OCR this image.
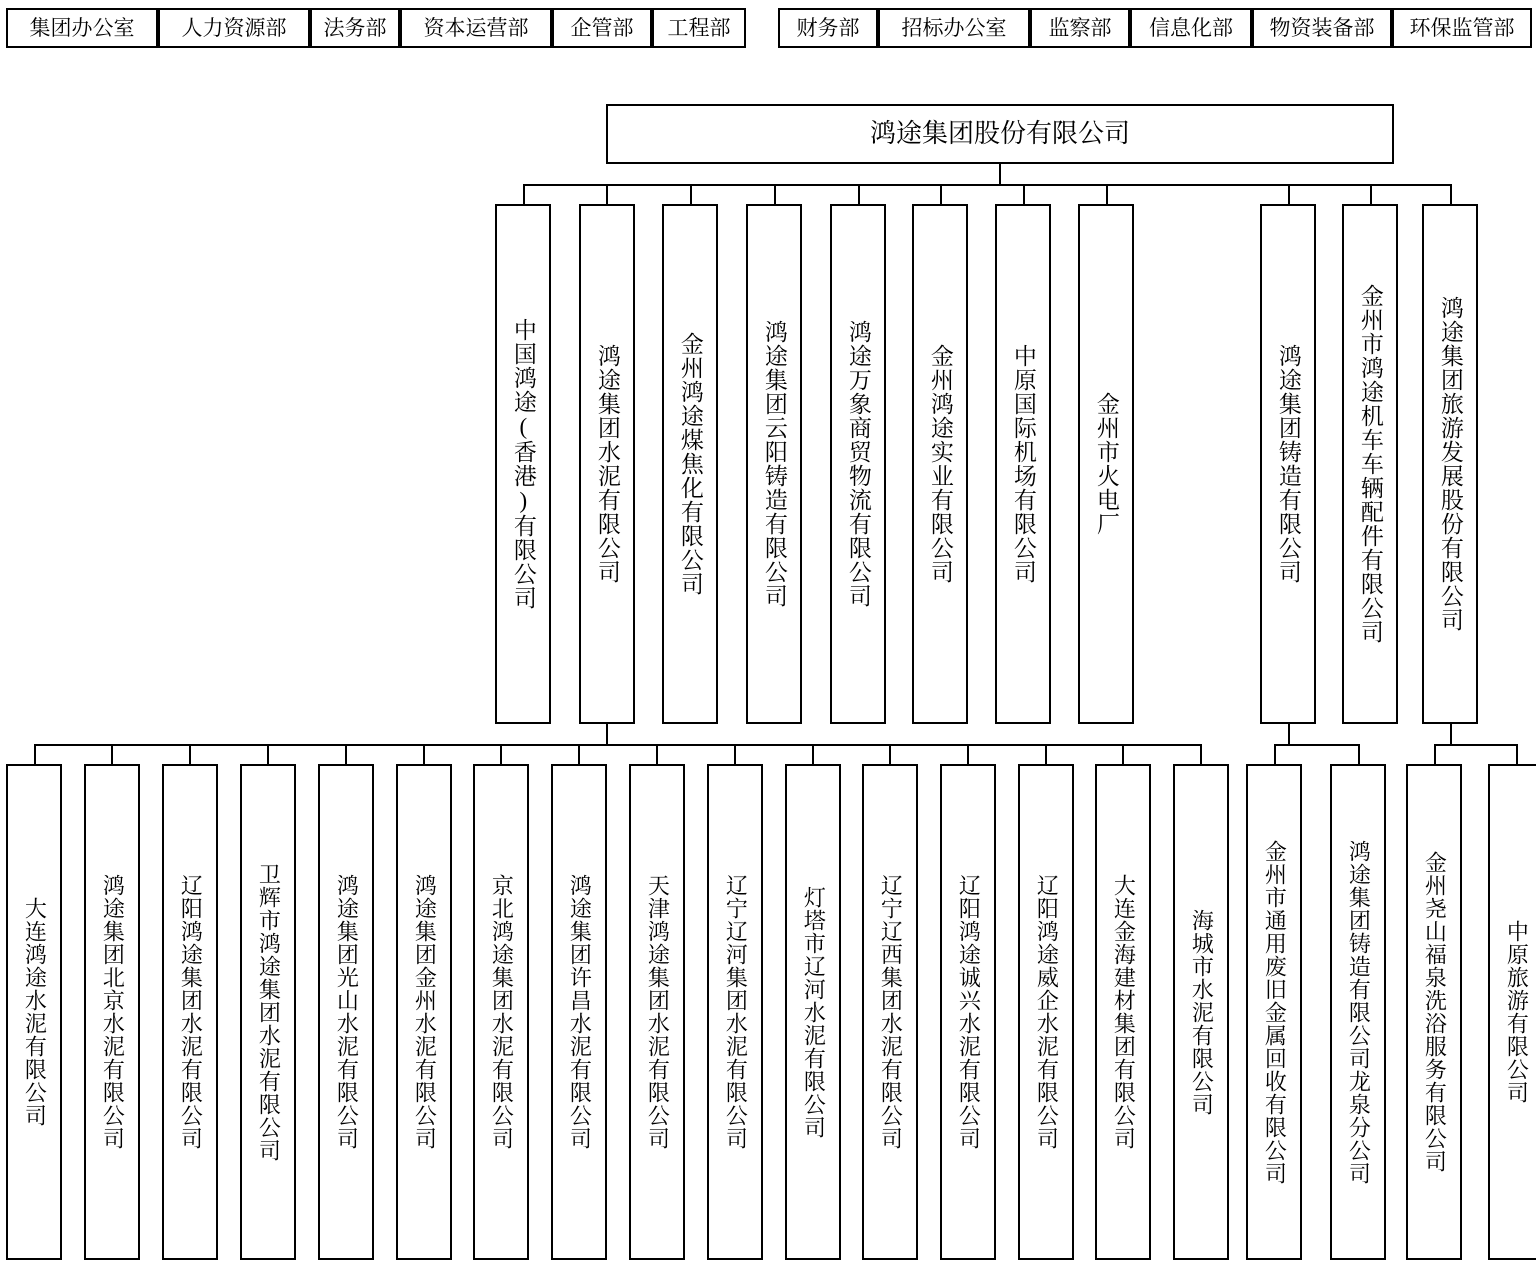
集团办公室	人力资源部	法务部	资本运营部	企管部	工程部	财务部	招标办公室	监察部	信息化部	物资装备部	环保监管部
鸿途集团股份有限公司
中国鸿途(香港)有限公司	鸿途集团水泥有限公司	金州鸿途煤焦化有限公司	鸿途集团云阳铸造有限公司	鸿途万象商贸物流有限公司	金州鸿途实业有限公司	中原国际机场有限公司	金州市火电厂	鸿途集团铸造有限公司	金州市鸿途机车车辆配件有限公司	鸿途集团旅游发展股份有限公司
大连鸿途水泥有限公司	鸿途集团北京水泥有限公司	辽阳鸿途集团水泥有限公司	卫辉市鸿途集团水泥有限公司	鸿途集团光山水泥有限公司	鸿途集团金州水泥有限公司	京北鸿途集团水泥有限公司	鸿途集团许昌水泥有限公司	天津鸿途集团水泥有限公司	辽宁辽河集团水泥有限公司	灯塔市辽河水泥有限公司	辽宁辽西集团水泥有限公司	辽阳鸿途诚兴水泥有限公司	辽阳鸿途威企水泥有限公司	大连金海建材集团有限公司	海城市水泥有限公司	金州市通用废旧金属回收有限公司	鸿途集团铸造有限公司龙泉分公司	金州尧山福泉洗浴服务有限公司	中原旅游有限公司
